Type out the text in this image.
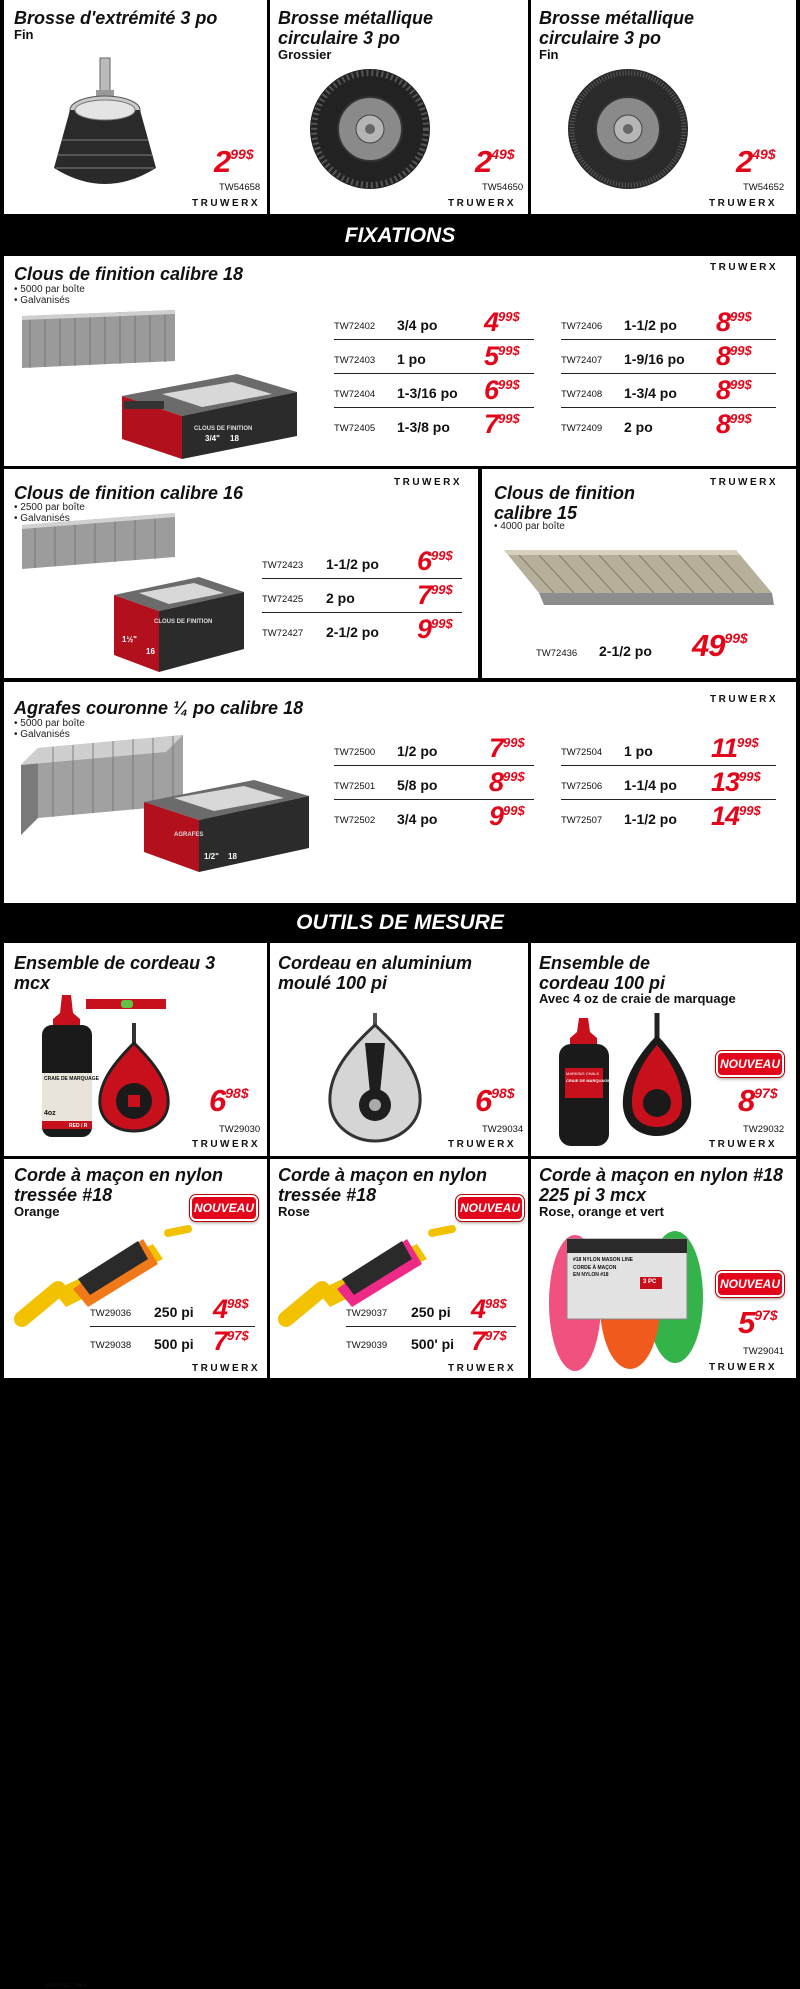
Brosse d'extrémité 3 po
Fin
299$
TW54658
TRUWERX
Brosse métallique circulaire 3 po
Grossier
249$
TW54650
TRUWERX
Brosse métallique circulaire 3 po
Fin
249$
TW54652
TRUWERX
FIXATIONS
Clous de finition calibre 18
• 5000 par boîte
• Galvanisés
TRUWERX
CLOUS DE FINITION
3/4" 18
TW72402 3/4 po $4^{99\$}$
TW72403 1 po $5^{99\$}$
TW72404 1-3/16 po $6^{99\$}$
TW72405 1-3/8 po $7^{99\$}$
TW72406 1-1/2 po $8^{99\$}$
TW72407 1-9/16 po $8^{99\$}$
TW72408 1-3/4 po $8^{99\$}$
TW72409 2 po $8^{99\$}$
Clous de finition calibre 16
• 2500 par boîte
• Galvanisés
TRUWERX
CLOUS DE FINITION
1½"
16
TW72423 1-1/2 po $6^{99\$}$
TW72425 2 po $7^{99\$}$
TW72427 2-1/2 po $9^{99\$}$
Clous de finition calibre 15
• 4000 par boîte
TRUWERX
TW72436 2-1/2 po 4999$
Agrafes couronne ¼ po calibre 18
• 5000 par boîte
• Galvanisés
TRUWERX
AGRAFES
1/2" 18
TW72500 1/2 po $7^{99\$}$
TW72501 5/8 po $8^{99\$}$
TW72502 3/4 po $9^{99\$}$
TW72504 1 po $11^{99\$}$
TW72506 1-1/4 po $13^{99\$}$
TW72507 1-1/2 po $14^{99\$}$
OUTILS DE MESURE
Ensemble de cordeau 3 mcx
MARKING CHALK
CRAIE DE MARQUAGE
4oz
RED / R
698$
TW29030
TRUWERX
Cordeau en aluminium moulé 100 pi
698$
TW29034
TRUWERX
Ensemble de cordeau 100 pi
Avec 4 oz de craie de marquage
MARKING CHALK
CRAIE DE MARQUAGE
NOUVEAU
897$
TW29032
TRUWERX
Corde à maçon en nylon tressée #18
Orange	NOUVEAU
TW29036 250 pi $4^{98\$}$
TW29038 500 pi $7^{97\$}$
TRUWERX
Corde à maçon en nylon tressée #18
Rose	NOUVEAU
TW29037 250 pi $4^{98\$}$
TW29039 500' pi $7^{97\$}$
TRUWERX
Corde à maçon en nylon #18 225 pi 3 mcx
Rose, orange et vert
#18 NYLON MASON LINE
CORDE À MAÇON
EN NYLON #18
3 PC	NOUVEAU
597$
TW29041
TRUWERX
